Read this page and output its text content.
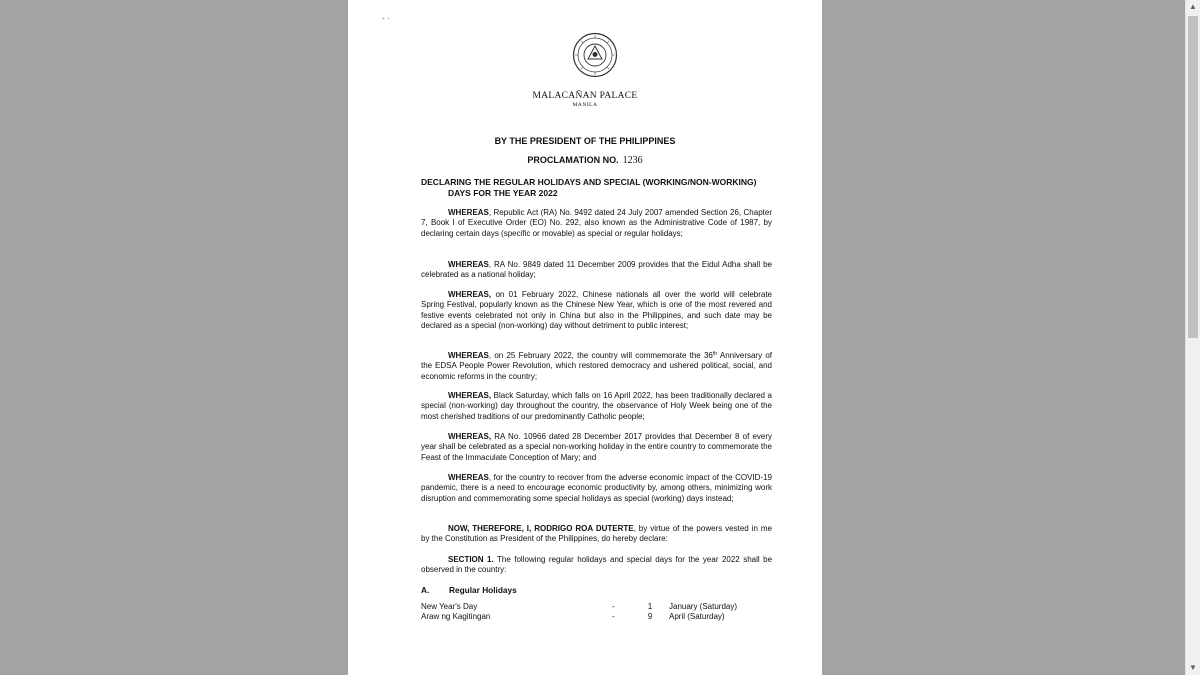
- ·
MALACAÑAN PALACE
MANILA
BY THE PRESIDENT OF THE PHILIPPINES
PROCLAMATION NO. 1236
DECLARING THE REGULAR HOLIDAYS AND SPECIAL (WORKING/NON-WORKING)
DAYS FOR THE YEAR 2022

WHEREAS, Republic Act (RA) No. 9492 dated 24 July 2007 amended Section 26, Chapter 7, Book I of Executive Order (EO) No. 292, also known as the Administrative Code of 1987, by declaring certain days (specific or movable) as special or regular holidays;

WHEREAS, RA No. 9849 dated 11 December 2009 provides that the Eidul Adha shall be celebrated as a national holiday;

WHEREAS, on 01 February 2022, Chinese nationals all over the world will celebrate Spring Festival, popularly known as the Chinese New Year, which is one of the most revered and festive events celebrated not only in China but also in the Philippines, and such date may be declared as a special (non-working) day without detriment to public interest;

WHEREAS, on 25 February 2022, the country will commemorate the 36th Anniversary of the EDSA People Power Revolution, which restored democracy and ushered political, social, and economic reforms in the country;

WHEREAS, Black Saturday, which falls on 16 April 2022, has been traditionally declared a special (non-working) day throughout the country, the observance of Holy Week being one of the most cherished traditions of our predominantly Catholic people;

WHEREAS, RA No. 10966 dated 28 December 2017 provides that December 8 of every year shall be celebrated as a special non-working holiday in the entire country to commemorate the Feast of the Immaculate Conception of Mary; and

WHEREAS, for the country to recover from the adverse economic impact of the COVID-19 pandemic, there is a need to encourage economic productivity by, among others, minimizing work disruption and commemorating some special holidays as special (working) days instead;

NOW, THEREFORE, I, RODRIGO ROA DUTERTE, by virtue of the powers vested in me by the Constitution as President of the Philippines, do hereby declare:

SECTION 1. The following regular holidays and special days for the year 2022 shall be observed in the country:

A. Regular Holidays
New Year's Day	-	1	January (Saturday)
Araw ng Kagitingan	-	9	April (Saturday)
▲
▼
